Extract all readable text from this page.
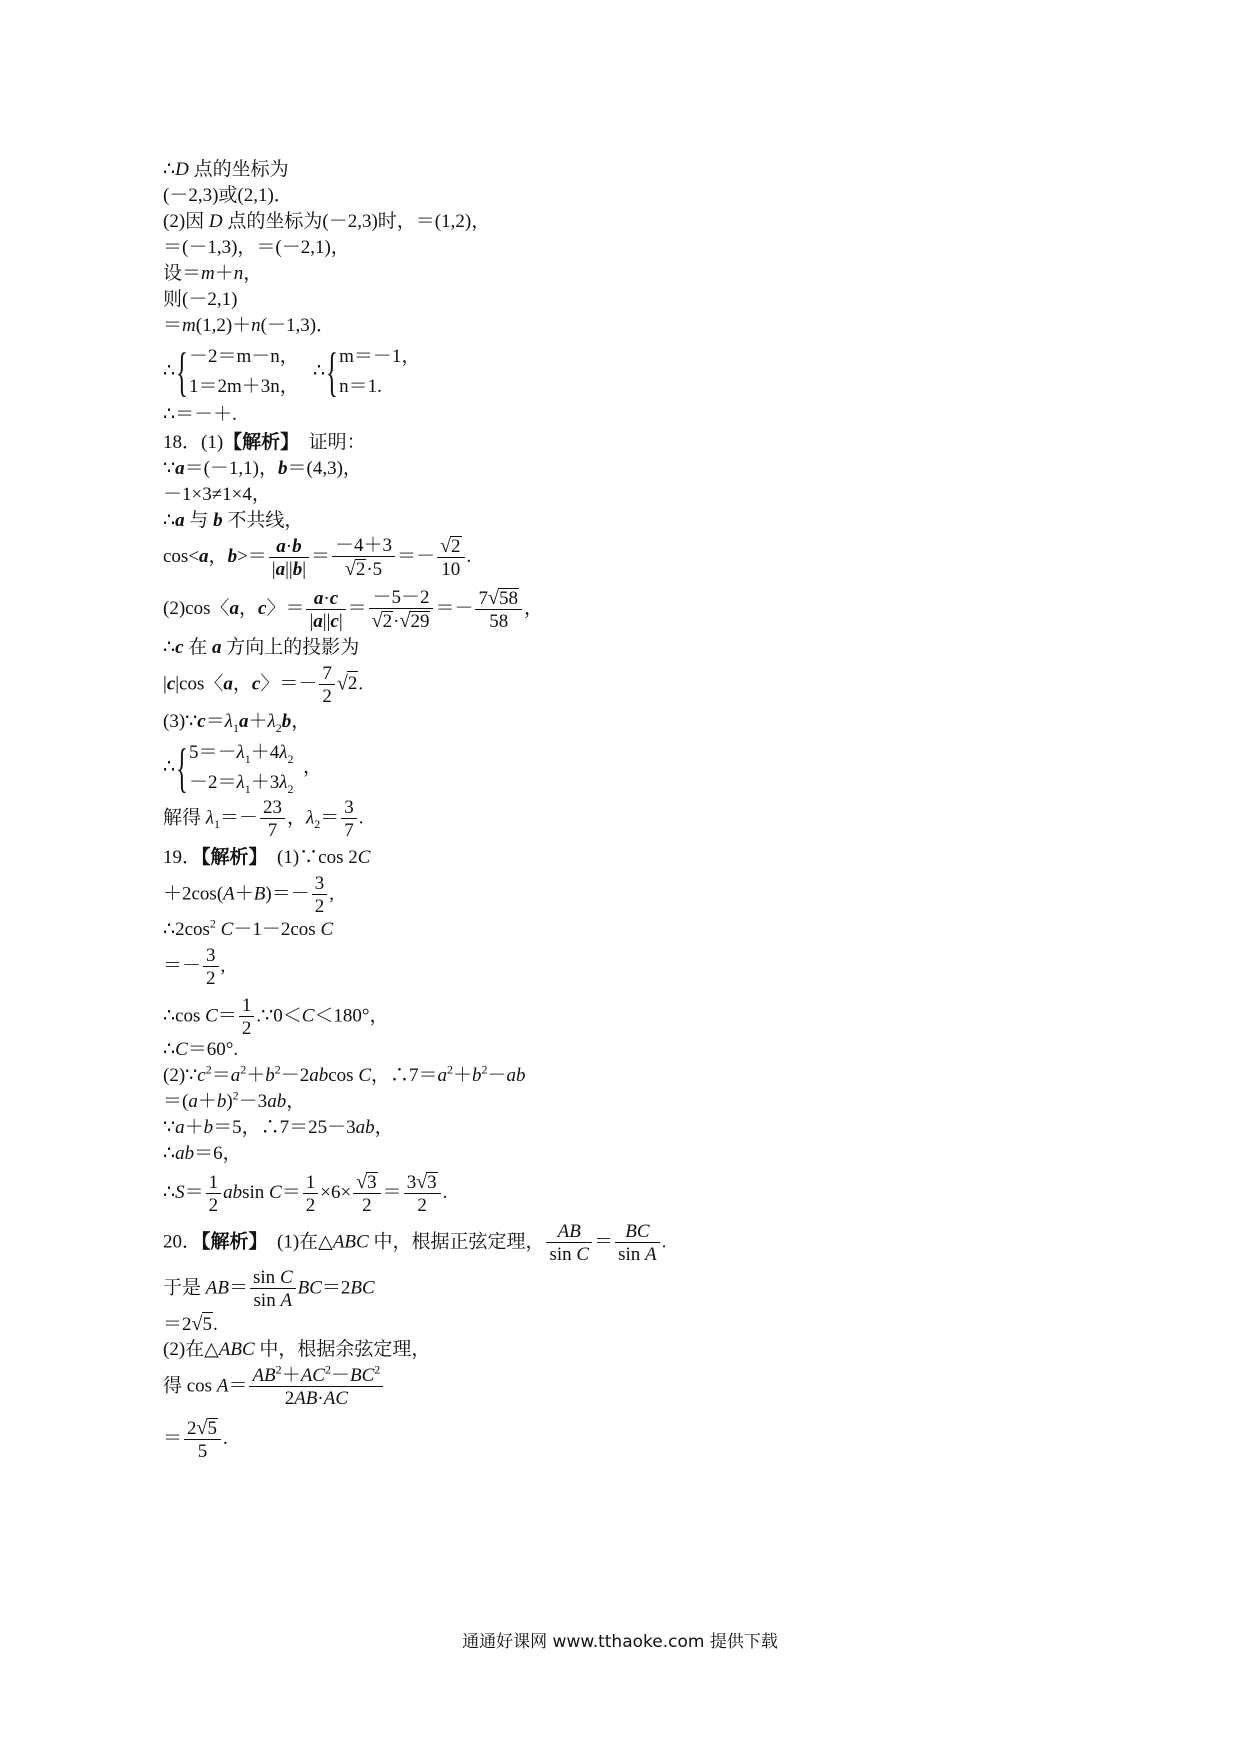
∴D 点的坐标为
(－2,3)或(2,1)．
(2)因 D 点的坐标为(－2,3)时，＝(1,2)，
＝(－1,3)，＝(－2,1)，
设＝m＋n，
则(－2,1)
＝m(1,2)＋n(－1,3)．
∴{－2＝m－n，
1＝2m＋3n，   ∴{m＝－1，
n＝1.
∴＝－＋.
18．(1)【解析】　证明：
∵a＝(－1,1)，b＝(4,3)，
－1×3≠1×4，
∴a 与 b 不共线，
cos<a，$b>= \frac{a\cdot b}{|a||b|} = \frac{-4+3}{√2\cdot 5} =- \frac{√2}{10}$ .
(2)cos〈a，c〉＝ $\frac{a\cdot c}{|a||c|} = \frac{-5-2}{√2\cdot√29} =- \frac{7√58}{58}$ ，
∴c 在 a 方向上的投影为
|c|cos〈a，c〉＝－ $\frac{7}{2} √2$.
$(3)\because c=\lambda_1a+\lambda_2b$，
$\therefore\{5=-\lambda_1+4\lambda_2$
$-2=\lambda_1+3\lambda_2$  ，
解得 $\lambda_1=- \frac{23}{7}$ ，$\lambda_2= \frac{3}{7}$ .
19．【解析】　(1)∵cos 2C
$+2\cos(A+B)=- \frac{3}{2}$ ,
$\therefore 2\cos^2$ C－1－2cos C
＝－ $\frac{3}{2}$ ,
∴cos $C= \frac{1}{2}$ .∵0＜C＜180°，
∴C＝60°.
$(2)\because c^2=a^2+b^2-2abcos$ C，$\therefore 7=a^2+b^2-ab$
$=(a+b)^2-3ab$，
∵a＋b＝5，∴7＝25－3ab，
∴ab＝6，
∴S＝ $\frac{1}{2}$ absin $C= \frac{1}{2} \times 6\times \frac{√3}{2} = \frac{3√3}{2}$ .
20．【解析】　(1)在△ABC 中，根据正弦定理， $\frac{AB}{\text{sin C}} = \frac{BC}{\text{sin A}}$ .
于是 $AB= \frac{\text{sin C}}{\text{sin A}} BC=2BC$
＝2√5.
(2)在△ABC 中，根据余弦定理，
得 $\cos A= \frac{AB^2+AC^2-BC^2}{2AB\cdot AC}$
＝ $\frac{2√5}{5}$ .
通通好课网 www.tthaoke.com 提供下载
